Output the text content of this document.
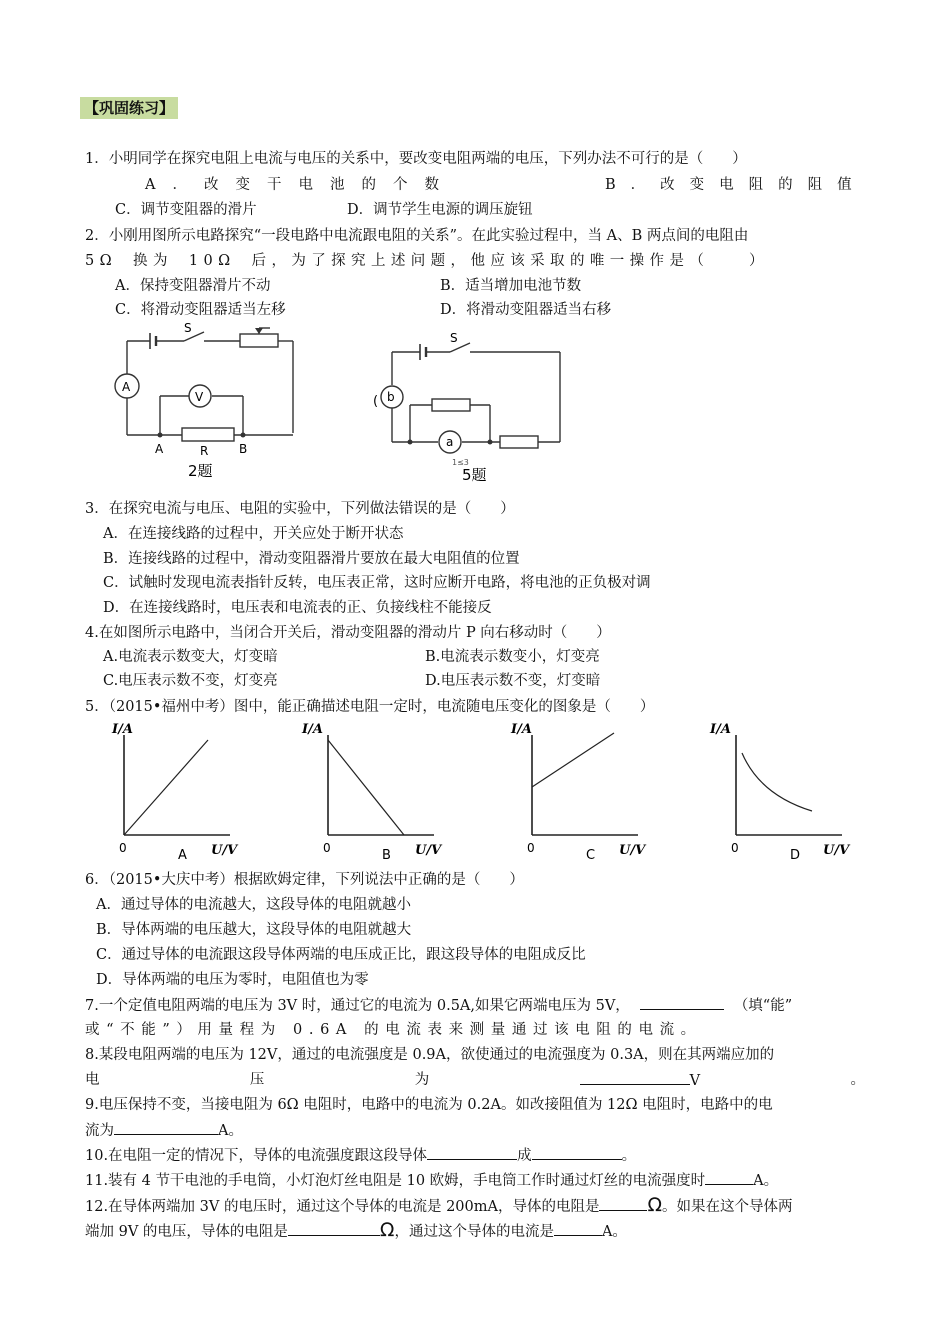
【巩固练习】
1．小明同学在探究电阻上电流与电压的关系中，要改变电阻两端的电压，下列办法不可行的是（　　）
A．改变干电池的个数	B．改变电阻的阻值
C．调节变阻器的滑片	D．调节学生电源的调压旋钮
2．小刚用图所示电路探究“一段电路中电流跟电阻的关系”。在此实验过程中，当 A、B 两点间的电阻由
5Ω 换为 10Ω 后，为了探究上述问题，他应该采取的唯一操作是（　　）
A．保持变阻器滑片不动	B．适当增加电池节数
C．将滑动变阻器适当左移	D．将滑动变阻器适当右移
A
V
S
R
A	B
2题
b
a
(
S
1≤3
5题
3．在探究电流与电压、电阻的实验中，下列做法错误的是（　　）
A．在连接线路的过程中，开关应处于断开状态
B．连接线路的过程中，滑动变阻器滑片要放在最大电阻值的位置
C．试触时发现电流表指针反转，电压表正常，这时应断开电路，将电池的正负极对调
D．在连接线路时，电压表和电流表的正、负接线柱不能接反
4.在如图所示电路中，当闭合开关后，滑动变阻器的滑动片 P 向右移动时（　　）
A.电流表示数变大，灯变暗	B.电流表示数变小，灯变亮
C.电压表示数不变，灯变亮	D.电压表示数不变，灯变暗
5．（2015•福州中考）图中，能正确描述电阻一定时，电流随电压变化的图象是（　　）
I/A
U/V
0	A
I/A
U/V
0	B
I/A
U/V
0	C
I/A
U/V
0	D
6．（2015•大庆中考）根据欧姆定律，下列说法中正确的是（　　）
A．通过导体的电流越大，这段导体的电阻就越小
B．导体两端的电压越大，这段导体的电阻就越大
C．通过导体的电流跟这段导体两端的电压成正比，跟这段导体的电阻成反比
D．导体两端的电压为零时，电阻值也为零
7.一个定值电阻两端的电压为 3V 时，通过它的电流为 0.5A,如果它两端电压为 5V，	（填“能”
或“不能”）用量程为 0.6A 的电流表来测量通过该电阻的电流。
8.某段电阻两端的电压为 12V，通过的电流强度是 0.9A，欲使通过的电流强度为 0.3A，则在其两端应加的
电	压	为	V	。
9.电压保持不变，当接电阻为 6Ω 电阻时，电路中的电流为 0.2A。如改接阻值为 12Ω 电阻时，电路中的电
流为	A。
10.在电阻一定的情况下，导体的电流强度跟这段导体	成	。
11.装有 4 节干电池的手电筒，小灯泡灯丝电阻是 10 欧姆，手电筒工作时通过灯丝的电流强度时	A。
12.在导体两端加 3V 的电压时，通过这个导体的电流是 200mA，导体的电阻是	Ω。如果在这个导体两
端加 9V 的电压，导体的电阻是	Ω，通过这个导体的电流是	A。
